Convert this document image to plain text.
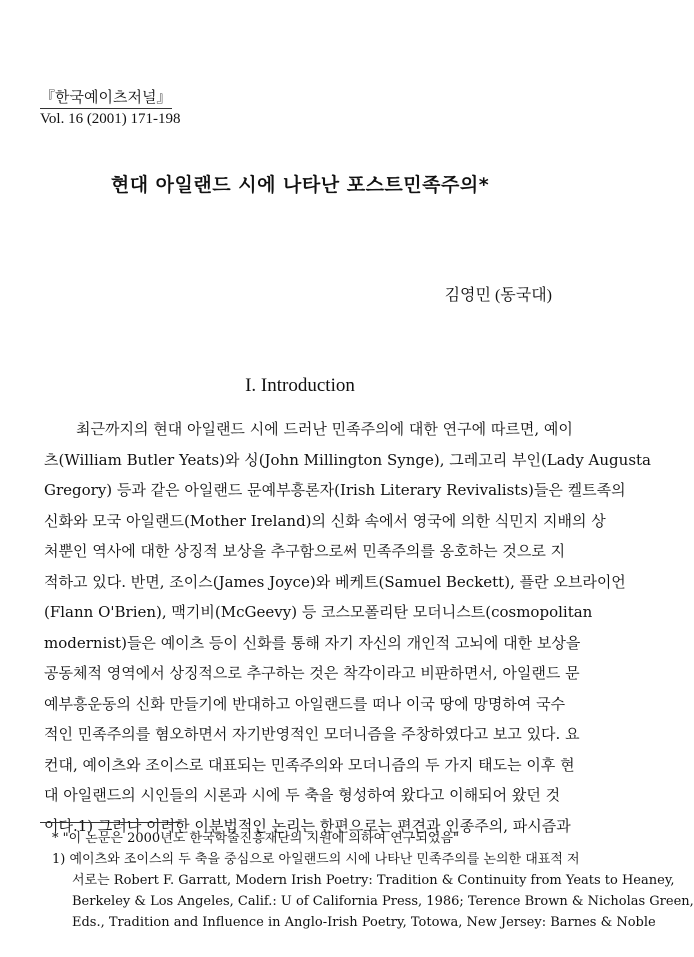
『한국예이츠저널』
Vol. 16 (2001) 171-198
현대 아일랜드 시에 나타난 포스트민족주의*
김영민 (동국대)
I. Introduction
최근까지의 현대 아일랜드 시에 드러난 민족주의에 대한 연구에 따르면, 예이
츠(William Butler Yeats)와 싱(John Millington Synge), 그레고리 부인(Lady Augusta
Gregory) 등과 같은 아일랜드 문예부흥론자(Irish Literary Revivalists)들은 켈트족의
신화와 모국 아일랜드(Mother Ireland)의 신화 속에서 영국에 의한 식민지 지배의 상
처뿐인 역사에 대한 상징적 보상을 추구함으로써 민족주의를 옹호하는 것으로 지
적하고 있다. 반면, 조이스(James Joyce)와 베케트(Samuel Beckett), 플란 오브라이언
(Flann O'Brien), 맥기비(McGeevy) 등 코스모폴리탄 모더니스트(cosmopolitan
modernist)들은 예이츠 등이 신화를 통해 자기 자신의 개인적 고뇌에 대한 보상을
공동체적 영역에서 상징적으로 추구하는 것은 착각이라고 비판하면서, 아일랜드 문
예부흥운동의 신화 만들기에 반대하고 아일랜드를 떠나 이국 땅에 망명하여 국수
적인 민족주의를 혐오하면서 자기반영적인 모더니즘을 주창하였다고 보고 있다. 요
컨대, 예이츠와 조이스로 대표되는 민족주의와 모더니즘의 두 가지 태도는 이후 현
대 아일랜드의 시인들의 시론과 시에 두 축을 형성하여 왔다고 이해되어 왔던 것
이다.1) 그러나 이러한 이분법적인 논리는 한편으로는 편견과 인종주의, 파시즘과
* "이 논문은 2000년도 한국학술진흥재단의 지원에 의하여 연구되었음"
1) 예이츠와 조이스의 두 축을 중심으로 아일랜드의 시에 나타난 민족주의를 논의한 대표적 저
서로는 Robert F. Garratt, Modern Irish Poetry: Tradition & Continuity from Yeats to Heaney,
Berkeley & Los Angeles, Calif.: U of California Press, 1986; Terence Brown & Nicholas Green,
Eds., Tradition and Influence in Anglo-Irish Poetry, Totowa, New Jersey: Barnes & Noble
